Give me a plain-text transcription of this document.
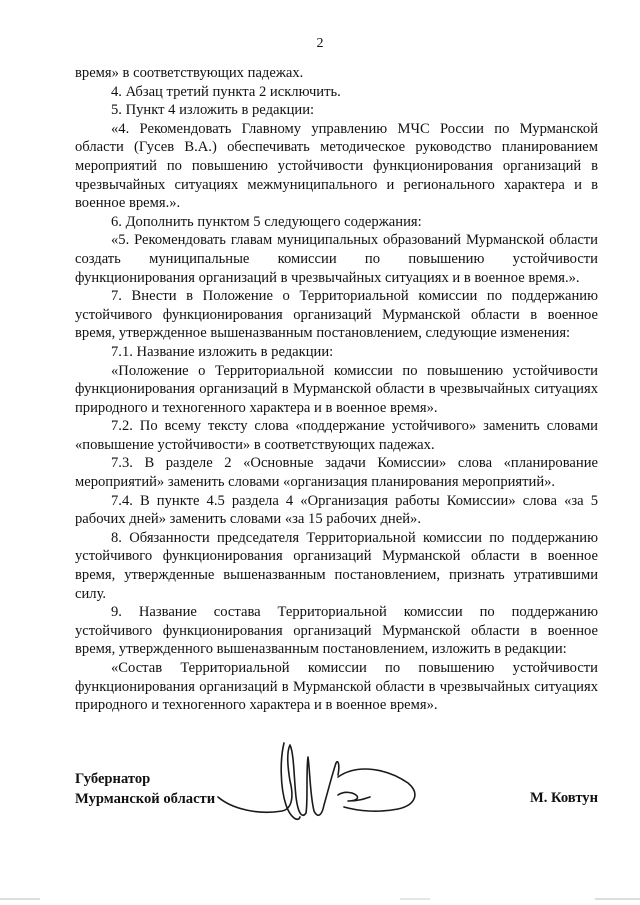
2

время» в соответствующих падежах.

4. Абзац третий пункта 2 исключить.

5. Пункт 4 изложить в редакции:

«4. Рекомендовать Главному управлению МЧС России по Мурманской области (Гусев В.А.) обеспечивать методическое руководство планированием мероприятий по повышению устойчивости функционирования организаций в чрезвычайных ситуациях межмуниципального и регионального характера и в военное время.».

6. Дополнить пунктом 5 следующего содержания:

«5. Рекомендовать главам муниципальных образований Мурманской области создать муниципальные комиссии по повышению устойчивости функционирования организаций в чрезвычайных ситуациях и в военное время.».

7. Внести в Положение о Территориальной комиссии по поддержанию устойчивого функционирования организаций Мурманской области в военное время, утвержденное вышеназванным постановлением, следующие изменения:

7.1. Название изложить в редакции:

«Положение о Территориальной комиссии по повышению устойчивости функционирования организаций в Мурманской области в чрезвычайных ситуациях природного и техногенного характера и в военное время».

7.2. По всему тексту слова «поддержание устойчивого» заменить словами «повышение устойчивости» в соответствующих падежах.

7.3. В разделе 2 «Основные задачи Комиссии» слова «планирование мероприятий» заменить словами «организация планирования мероприятий».

7.4. В пункте 4.5 раздела 4 «Организация работы Комиссии» слова «за 5 рабочих дней» заменить словами «за 15 рабочих дней».

8. Обязанности председателя Территориальной комиссии по поддержанию устойчивого функционирования организаций Мурманской области в военное время, утвержденные вышеназванным постановлением, признать утратившими силу.

9. Название состава Территориальной комиссии по поддержанию устойчивого функционирования организаций Мурманской области в военное время, утвержденного вышеназванным постановлением, изложить в редакции:

«Состав Территориальной комиссии по повышению устойчивости функционирования организаций в Мурманской области в чрезвычайных ситуациях природного и техногенного характера и в военное время».

Губернатор
Мурманской области	М. Ковтун
